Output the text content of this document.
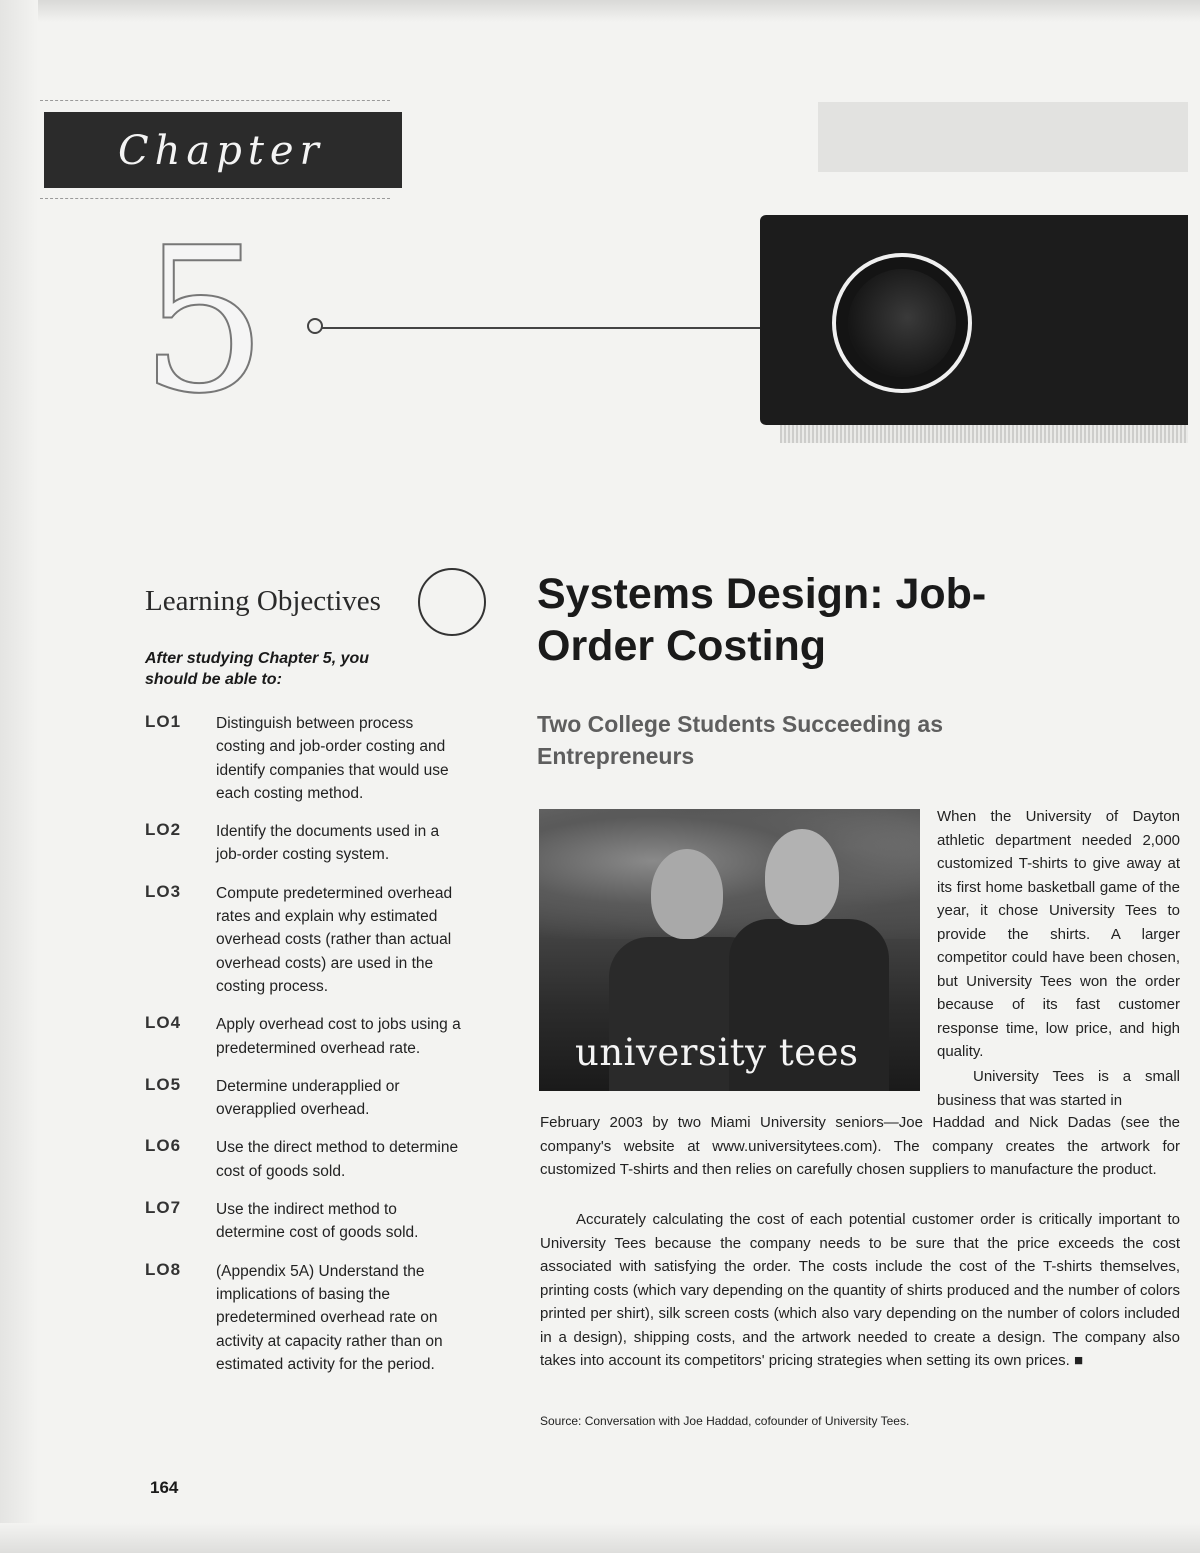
Chapter
5
Learning Objectives
After studying Chapter 5, you should be able to:
LO1	Distinguish between process costing and job-order costing and identify companies that would use each costing method.
LO2	Identify the documents used in a job-order costing system.
LO3	Compute predetermined overhead rates and explain why estimated overhead costs (rather than actual overhead costs) are used in the costing process.
LO4	Apply overhead cost to jobs using a predetermined overhead rate.
LO5	Determine underapplied or overapplied overhead.
LO6	Use the direct method to determine cost of goods sold.
LO7	Use the indirect method to determine cost of goods sold.
LO8	(Appendix 5A) Understand the implications of basing the predetermined overhead rate on activity at capacity rather than on estimated activity for the period.
164
Systems Design: Job-Order Costing
Two College Students Succeeding as Entrepreneurs
university tees
When the University of Dayton athletic department needed 2,000 customized T-shirts to give away at its first home basketball game of the year, it chose University Tees to provide the shirts. A larger competitor could have been chosen, but University Tees won the order because of its fast customer response time, low price, and high quality.
University Tees is a small business that was started in
February 2003 by two Miami University seniors—Joe Haddad and Nick Dadas (see the company's website at www.universitytees.com). The company creates the artwork for customized T-shirts and then relies on carefully chosen suppliers to manufacture the product.
Accurately calculating the cost of each potential customer order is critically important to University Tees because the company needs to be sure that the price exceeds the cost associated with satisfying the order. The costs include the cost of the T-shirts themselves, printing costs (which vary depending on the quantity of shirts produced and the number of colors printed per shirt), silk screen costs (which also vary depending on the number of colors included in a design), shipping costs, and the artwork needed to create a design. The company also takes into account its competitors' pricing strategies when setting its own prices. ■
Source: Conversation with Joe Haddad, cofounder of University Tees.
